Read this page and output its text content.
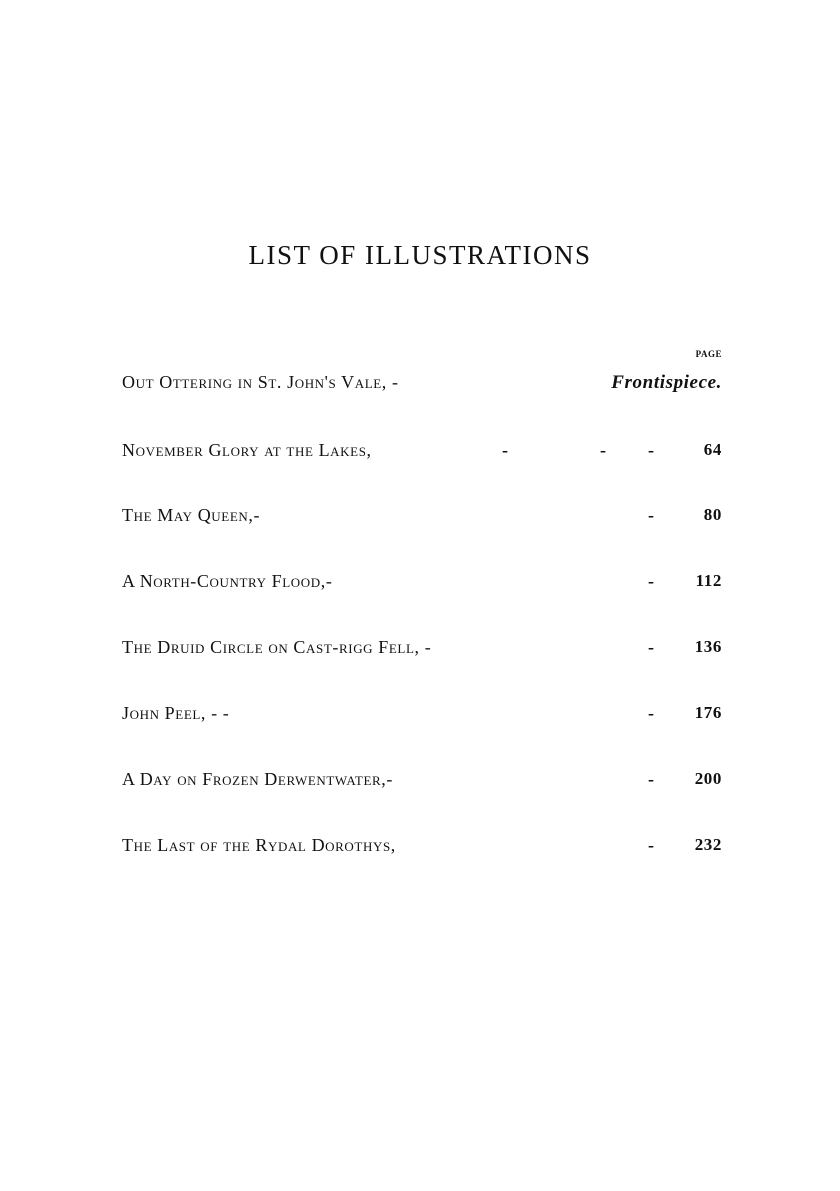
LIST OF ILLUSTRATIONS
PAGE
Out Ottering in St. John's Vale, -	Frontispiece.
November Glory at the Lakes,	-	- -	64
The May Queen,-	-	80
A North-Country Flood,-	- 112
The Druid Circle on Cast-rigg Fell, -	- 136
John Peel, - -	- 176
A Day on Frozen Derwentwater,-	- 200
The Last of the Rydal Dorothys,	- 232
